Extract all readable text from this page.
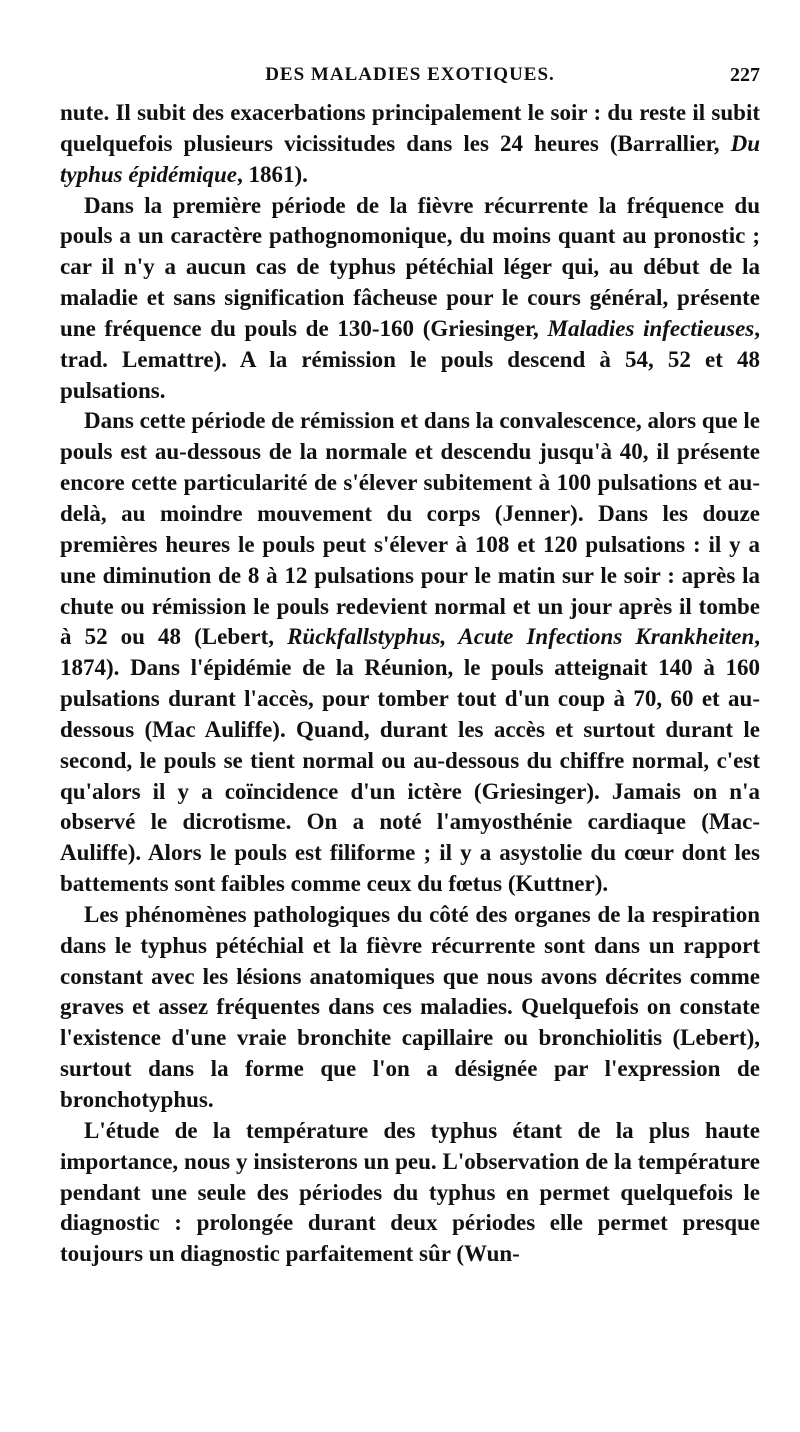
DES MALADIES EXOTIQUES.	227

nute. Il subit des exacerbations principalement le soir : du reste il subit quelquefois plusieurs vicissitudes dans les 24 heures (Barrallier, Du typhus épidémique, 1861).

Dans la première période de la fièvre récurrente la fréquence du pouls a un caractère pathognomonique, du moins quant au pronostic ; car il n'y a aucun cas de typhus pétéchial léger qui, au début de la maladie et sans signification fâcheuse pour le cours général, présente une fréquence du pouls de 130-160 (Griesinger, Maladies infectieuses, trad. Lemattre). A la rémission le pouls descend à 54, 52 et 48 pulsations.

Dans cette période de rémission et dans la convalescence, alors que le pouls est au-dessous de la normale et descendu jusqu'à 40, il présente encore cette particularité de s'élever subitement à 100 pulsations et au-delà, au moindre mouvement du corps (Jenner). Dans les douze premières heures le pouls peut s'élever à 108 et 120 pulsations : il y a une diminution de 8 à 12 pulsations pour le matin sur le soir : après la chute ou rémission le pouls redevient normal et un jour après il tombe à 52 ou 48 (Lebert, Rückfallstyphus, Acute Infections Krankheiten, 1874). Dans l'épidémie de la Réunion, le pouls atteignait 140 à 160 pulsations durant l'accès, pour tomber tout d'un coup à 70, 60 et au-dessous (Mac Auliffe). Quand, durant les accès et surtout durant le second, le pouls se tient normal ou au-dessous du chiffre normal, c'est qu'alors il y a coïncidence d'un ictère (Griesinger). Jamais on n'a observé le dicrotisme. On a noté l'amyosthénie cardiaque (Mac-Auliffe). Alors le pouls est filiforme ; il y a asystolie du cœur dont les battements sont faibles comme ceux du fœtus (Kuttner).

Les phénomènes pathologiques du côté des organes de la respiration dans le typhus pétéchial et la fièvre récurrente sont dans un rapport constant avec les lésions anatomiques que nous avons décrites comme graves et assez fréquentes dans ces maladies. Quelquefois on constate l'existence d'une vraie bronchite capillaire ou bronchiolitis (Lebert), surtout dans la forme que l'on a désignée par l'expression de bronchotyphus.

L'étude de la température des typhus étant de la plus haute importance, nous y insisterons un peu. L'observation de la température pendant une seule des périodes du typhus en permet quelquefois le diagnostic : prolongée durant deux périodes elle permet presque toujours un diagnostic parfaitement sûr (Wun-
